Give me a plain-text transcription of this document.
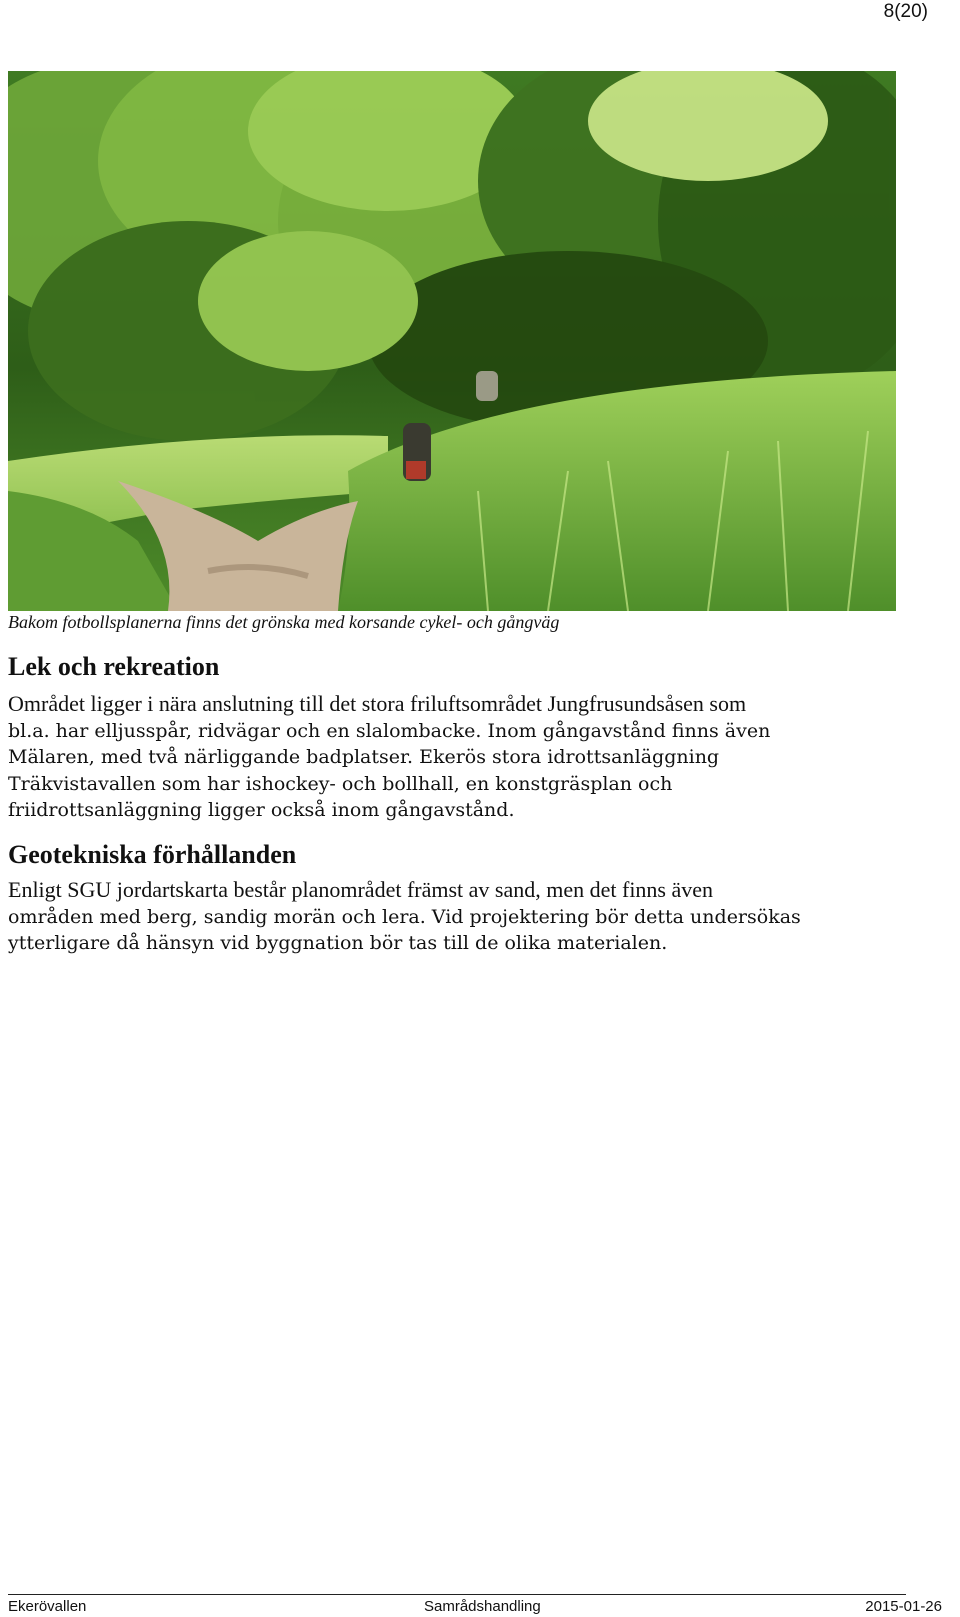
8(20)
Bakom fotbollsplanerna finns det grönska med korsande cykel- och gångväg
Lek och rekreation
Området ligger i nära anslutning till det stora friluftsområdet Jungfrusundsåsen som
bl.a. har elljusspår, ridvägar och en slalombacke. Inom gångavstånd finns även
Mälaren, med två närliggande badplatser. Ekerös stora idrottsanläggning
Träkvistavallen som har ishockey- och bollhall, en konstgräsplan och
friidrottsanläggning ligger också inom gångavstånd.
Geotekniska förhållanden
Enligt SGU jordartskarta består planområdet främst av sand, men det finns även
områden med berg, sandig morän och lera. Vid projektering bör detta undersökas
ytterligare då hänsyn vid byggnation bör tas till de olika materialen.
Ekerövallen	Samrådshandling	2015-01-26
